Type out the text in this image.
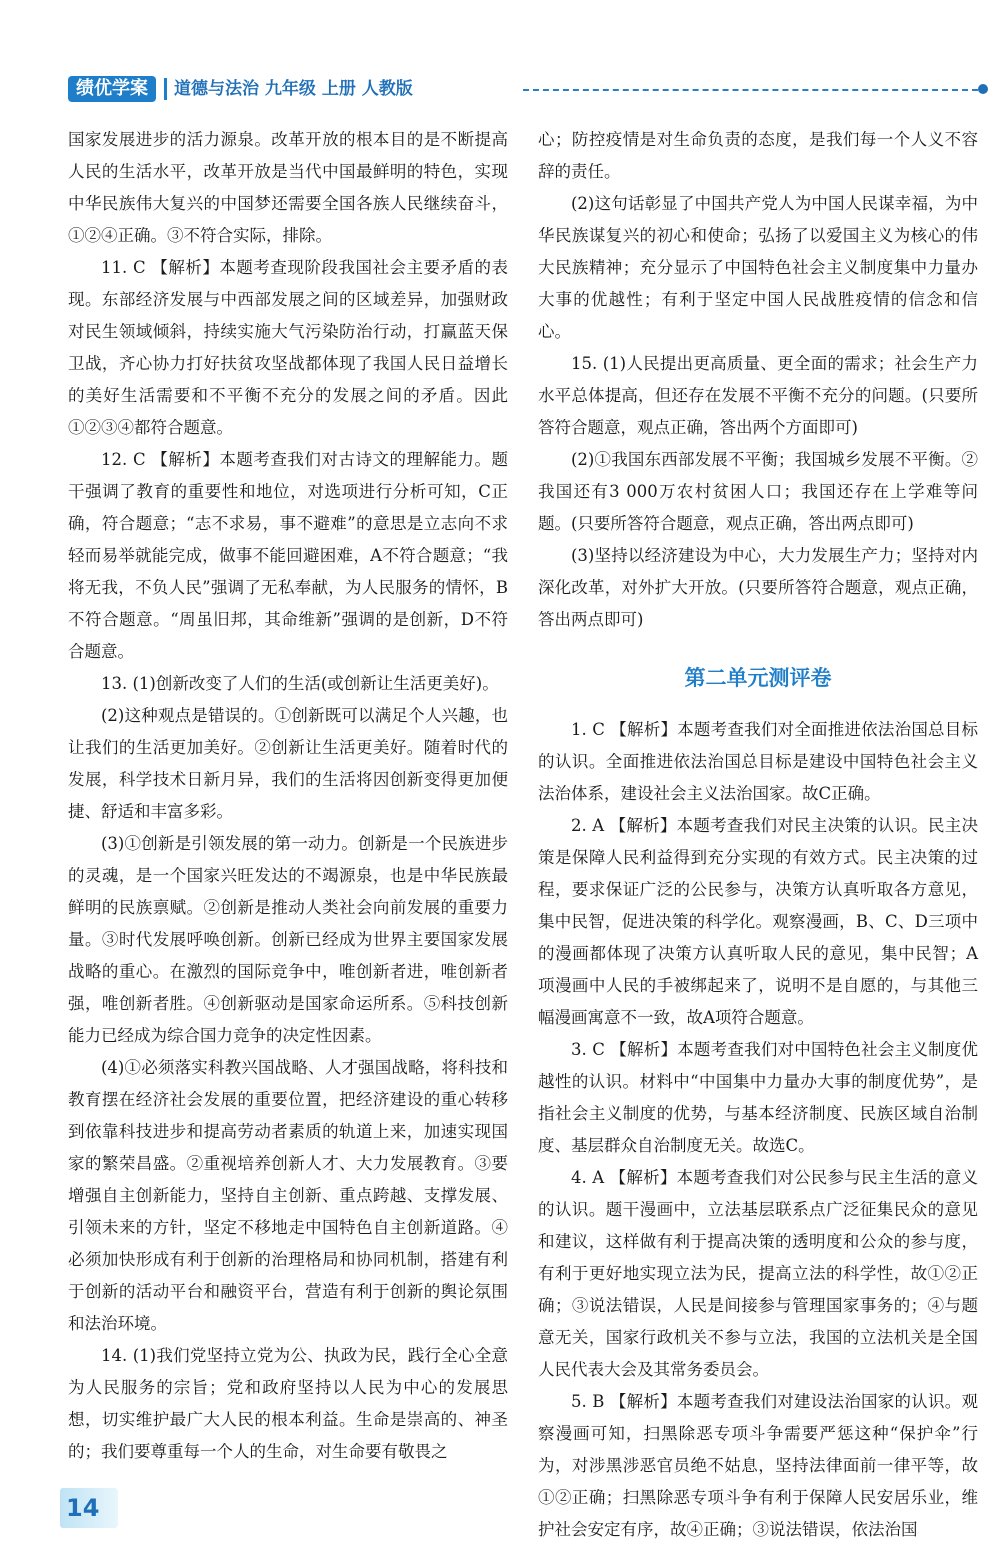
绩优学案	道德与法治 九年级 上册 人教版

国家发展进步的活力源泉。改革开放的根本目的是不断提高人民的生活水平，改革开放是当代中国最鲜明的特色，实现中华民族伟大复兴的中国梦还需要全国各族人民继续奋斗，①②④正确。③不符合实际，排除。

11. C 【解析】本题考查现阶段我国社会主要矛盾的表现。东部经济发展与中西部发展之间的区域差异，加强财政对民生领域倾斜，持续实施大气污染防治行动，打赢蓝天保卫战，齐心协力打好扶贫攻坚战都体现了我国人民日益增长的美好生活需要和不平衡不充分的发展之间的矛盾。因此①②③④都符合题意。

12. C 【解析】本题考查我们对古诗文的理解能力。题干强调了教育的重要性和地位，对选项进行分析可知，C正确，符合题意；“志不求易，事不避难”的意思是立志向不求轻而易举就能完成，做事不能回避困难，A不符合题意；“我将无我，不负人民”强调了无私奉献，为人民服务的情怀，B不符合题意。“周虽旧邦，其命维新”强调的是创新，D不符合题意。

13. (1)创新改变了人们的生活(或创新让生活更美好)。

(2)这种观点是错误的。①创新既可以满足个人兴趣，也让我们的生活更加美好。②创新让生活更美好。随着时代的发展，科学技术日新月异，我们的生活将因创新变得更加便捷、舒适和丰富多彩。

(3)①创新是引领发展的第一动力。创新是一个民族进步的灵魂，是一个国家兴旺发达的不竭源泉，也是中华民族最鲜明的民族禀赋。②创新是推动人类社会向前发展的重要力量。③时代发展呼唤创新。创新已经成为世界主要国家发展战略的重心。在激烈的国际竞争中，唯创新者进，唯创新者强，唯创新者胜。④创新驱动是国家命运所系。⑤科技创新能力已经成为综合国力竞争的决定性因素。

(4)①必须落实科教兴国战略、人才强国战略，将科技和教育摆在经济社会发展的重要位置，把经济建设的重心转移到依靠科技进步和提高劳动者素质的轨道上来，加速实现国家的繁荣昌盛。②重视培养创新人才、大力发展教育。③要增强自主创新能力，坚持自主创新、重点跨越、支撑发展、引领未来的方针，坚定不移地走中国特色自主创新道路。④必须加快形成有利于创新的治理格局和协同机制，搭建有利于创新的活动平台和融资平台，营造有利于创新的舆论氛围和法治环境。

14. (1)我们党坚持立党为公、执政为民，践行全心全意为人民服务的宗旨；党和政府坚持以人民为中心的发展思想，切实维护最广大人民的根本利益。生命是崇高的、神圣的；我们要尊重每一个人的生命，对生命要有敬畏之

心；防控疫情是对生命负责的态度，是我们每一个人义不容辞的责任。

(2)这句话彰显了中国共产党人为中国人民谋幸福，为中华民族谋复兴的初心和使命；弘扬了以爱国主义为核心的伟大民族精神；充分显示了中国特色社会主义制度集中力量办大事的优越性；有利于坚定中国人民战胜疫情的信念和信心。

15. (1)人民提出更高质量、更全面的需求；社会生产力水平总体提高，但还存在发展不平衡不充分的问题。(只要所答符合题意，观点正确，答出两个方面即可)

(2)①我国东西部发展不平衡；我国城乡发展不平衡。②我国还有3 000万农村贫困人口；我国还存在上学难等问题。(只要所答符合题意，观点正确，答出两点即可)

(3)坚持以经济建设为中心，大力发展生产力；坚持对内深化改革，对外扩大开放。(只要所答符合题意，观点正确，答出两点即可)

第二单元测评卷

1. C 【解析】本题考查我们对全面推进依法治国总目标的认识。全面推进依法治国总目标是建设中国特色社会主义法治体系，建设社会主义法治国家。故C正确。

2. A 【解析】本题考查我们对民主决策的认识。民主决策是保障人民利益得到充分实现的有效方式。民主决策的过程，要求保证广泛的公民参与，决策方认真听取各方意见，集中民智，促进决策的科学化。观察漫画，B、C、D三项中的漫画都体现了决策方认真听取人民的意见，集中民智；A项漫画中人民的手被绑起来了，说明不是自愿的，与其他三幅漫画寓意不一致，故A项符合题意。

3. C 【解析】本题考查我们对中国特色社会主义制度优越性的认识。材料中“中国集中力量办大事的制度优势”，是指社会主义制度的优势，与基本经济制度、民族区域自治制度、基层群众自治制度无关。故选C。

4. A 【解析】本题考查我们对公民参与民主生活的意义的认识。题干漫画中，立法基层联系点广泛征集民众的意见和建议，这样做有利于提高决策的透明度和公众的参与度，有利于更好地实现立法为民，提高立法的科学性，故①②正确；③说法错误，人民是间接参与管理国家事务的；④与题意无关，国家行政机关不参与立法，我国的立法机关是全国人民代表大会及其常务委员会。

5. B 【解析】本题考查我们对建设法治国家的认识。观察漫画可知，扫黑除恶专项斗争需要严惩这种“保护伞”行为，对涉黑涉恶官员绝不姑息，坚持法律面前一律平等，故①②正确；扫黑除恶专项斗争有利于保障人民安居乐业，维护社会安定有序，故④正确；③说法错误，依法治国

14
